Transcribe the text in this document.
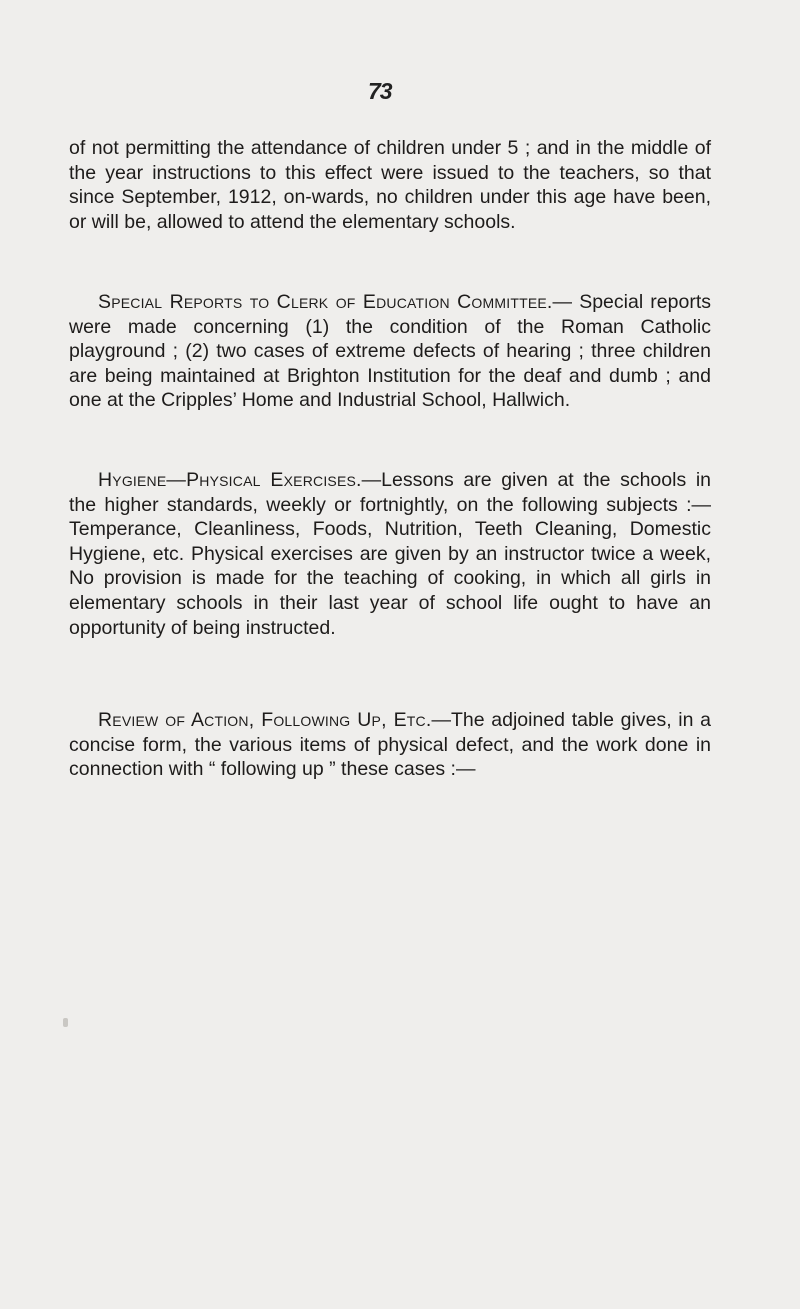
73

of not permitting the attendance of children under 5 ; and in the middle of the year instructions to this effect were issued to the teachers, so that since September, 1912, on-wards, no children under this age have been, or will be, allowed to attend the elementary schools.

Special Reports to Clerk of Education Committee.— Special reports were made concerning (1) the condition of the Roman Catholic playground ; (2) two cases of extreme defects of hearing ; three children are being maintained at Brighton Institution for the deaf and dumb ; and one at the Cripples’ Home and Industrial School, Hallwich.

Hygiene—Physical Exercises.—Lessons are given at the schools in the higher standards, weekly or fortnightly, on the following subjects :—Temperance, Cleanliness, Foods, Nutrition, Teeth Cleaning, Domestic Hygiene, etc. Physical exercises are given by an instructor twice a week, No provision is made for the teaching of cooking, in which all girls in elementary schools in their last year of school life ought to have an opportunity of being instructed.

Review of Action, Following Up, Etc.—The adjoined table gives, in a concise form, the various items of physical defect, and the work done in connection with “ following up ” these cases :—
